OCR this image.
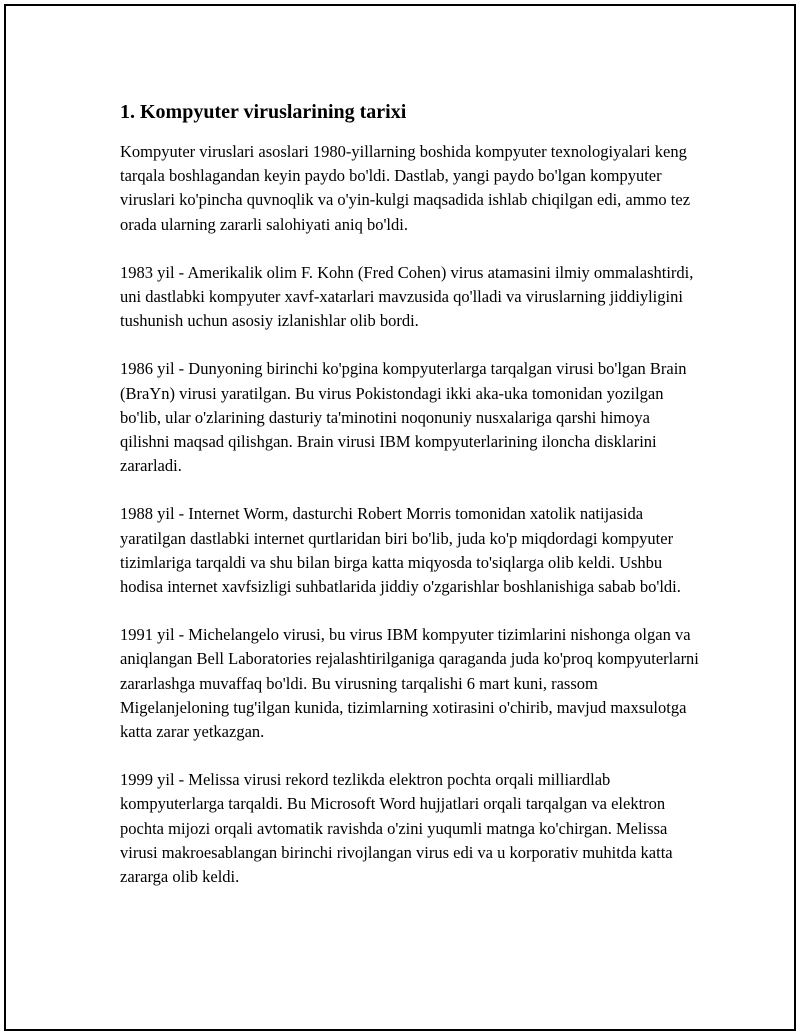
1. Kompyuter viruslarining tarixi

Kompyuter viruslari asoslari 1980-yillarning boshida kompyuter texnologiyalari keng tarqala boshlagandan keyin paydo bo'ldi. Dastlab, yangi paydo bo'lgan kompyuter viruslari ko'pincha quvnoqlik va o'yin-kulgi maqsadida ishlab chiqilgan edi, ammo tez orada ularning zararli salohiyati aniq bo'ldi.

1983 yil - Amerikalik olim F. Kohn (Fred Cohen) virus atamasini ilmiy ommalashtirdi, uni dastlabki kompyuter xavf-xatarlari mavzusida qo'lladi va viruslarning jiddiyligini tushunish uchun asosiy izlanishlar olib bordi.

1986 yil - Dunyoning birinchi ko'pgina kompyuterlarga tarqalgan virusi bo'lgan Brain (BraYn) virusi yaratilgan. Bu virus Pokistondagi ikki aka-uka tomonidan yozilgan bo'lib, ular o'zlarining dasturiy ta'minotini noqonuniy nusxalariga qarshi himoya qilishni maqsad qilishgan. Brain virusi IBM kompyuterlarining ilonchа disklarini zararladi.

1988 yil - Internet Worm, dasturchi Robert Morris tomonidan xatolik natijasida yaratilgan dastlabki internet qurtlaridan biri bo'lib, juda ko'p miqdordagi kompyuter tizimlariga tarqaldi va shu bilan birga katta miqyosda to'siqlarga olib keldi. Ushbu hodisa internet xavfsizligi suhbatlarida jiddiy o'zgarishlar boshlanishiga sabab bo'ldi.

1991 yil - Michelangelo virusi, bu virus IBM kompyuter tizimlarini nishonga olgan va aniqlangan Bell Laboratories rejalashtirilganiga qaraganda juda ko'proq kompyuterlarni zararlashga muvaffaq bo'ldi. Bu virusning tarqalishi 6 mart kuni, rassom Migelanjeloning tug'ilgan kunida, tizimlarning xotirasini o'chirib, mavjud maxsulotga katta zarar yetkazgan.

1999 yil - Melissa virusi rekord tezlikda elektron pochta orqali milliardlab kompyuterlarga tarqaldi. Bu Microsoft Word hujjatlari orqali tarqalgan va elektron pochta mijozi orqali avtomatik ravishda o'zini yuqumli matnga ko'chirgan. Melissa virusi makroesablangan birinchi rivojlangan virus edi va u korporativ muhitda katta zararga olib keldi.
